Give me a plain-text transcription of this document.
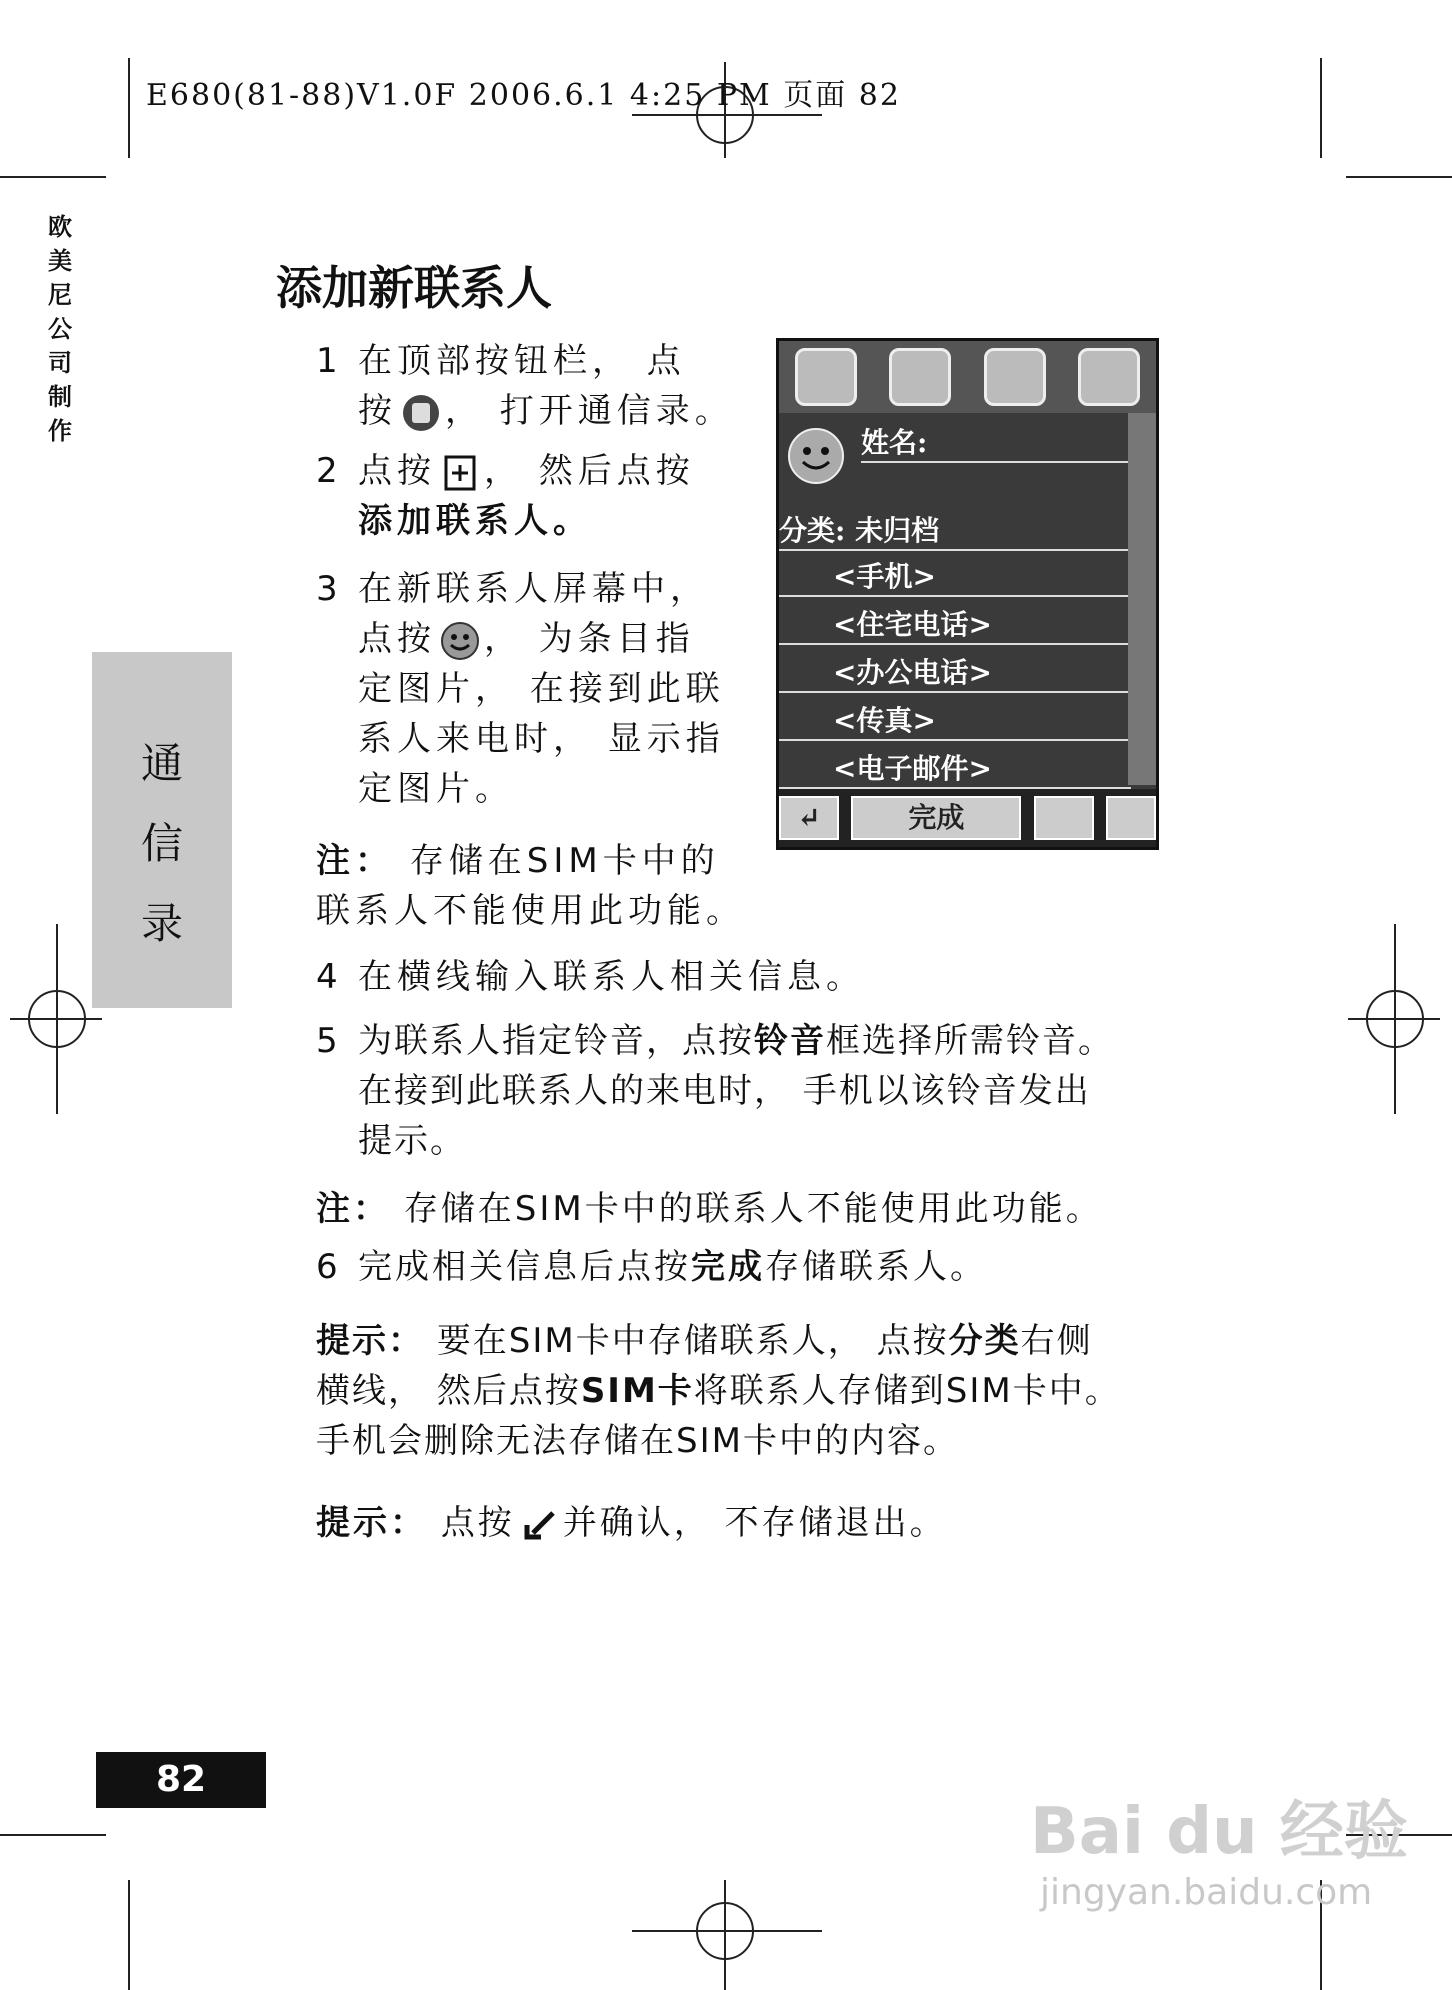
E680(81-88)V1.0F 2006.6.1 4:25 PM 页面 82
欧
美
尼
公
司
制
作
通
信
录
添加新联系人
1 在顶部按钮栏， 点
按 ， 打开通信录。
2 点按 ， 然后点按
添加联系人。
3 在新联系人屏幕中，
点按 ， 为条目指
定图片， 在接到此联
系人来电时， 显示指
定图片。
注： 存储在SIM卡中的
联系人不能使用此功能。
姓名:
分类: 未归档
<手机>
<住宅电话>
<办公电话>
<传真>
<电子邮件>
↵	完成
4 在横线输入联系人相关信息。
5 为联系人指定铃音，点按铃音框选择所需铃音。
在接到此联系人的来电时， 手机以该铃音发出
提示。
注： 存储在SIM卡中的联系人不能使用此功能。
6 完成相关信息后点按完成存储联系人。
提示： 要在SIM卡中存储联系人， 点按分类右侧
横线， 然后点按SIM卡将联系人存储到SIM卡中。
手机会删除无法存储在SIM卡中的内容。
提示： 点按 并确认， 不存储退出。
82
Bai du 经验
jingyan.baidu.com
